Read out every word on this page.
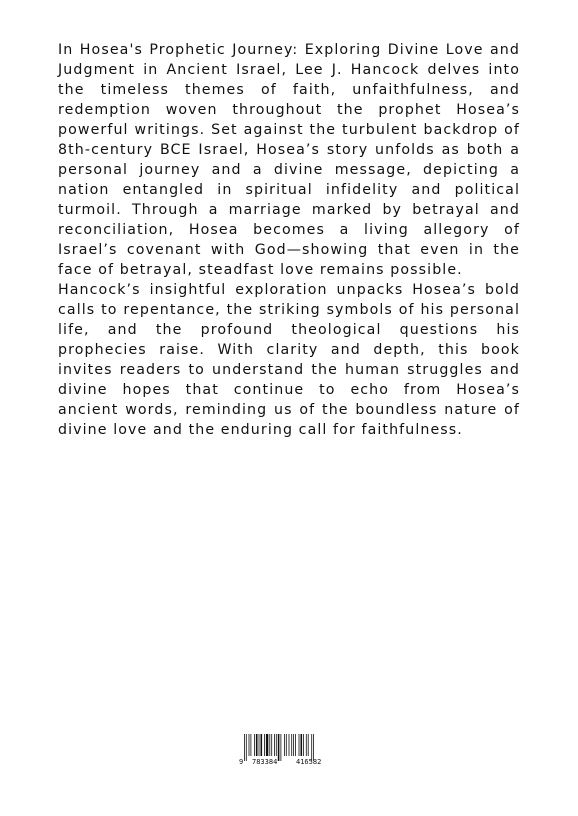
In Hosea's Prophetic Journey: Exploring Divine Love and Judgment in Ancient Israel, Lee J. Hancock delves into the timeless themes of faith, unfaithfulness, and redemption woven throughout the prophet Hosea’s powerful writings. Set against the turbulent backdrop of 8th-century BCE Israel, Hosea’s story unfolds as both a personal journey and a divine message, depicting a nation entangled in spiritual infidelity and political turmoil. Through a marriage marked by betrayal and reconciliation, Hosea becomes a living allegory of Israel’s covenant with God—showing that even in the face of betrayal, steadfast love remains possible.

Hancock’s insightful exploration unpacks Hosea’s bold calls to repentance, the striking symbols of his personal life, and the profound theological questions his prophecies raise. With clarity and depth, this book invites readers to understand the human struggles and divine hopes that continue to echo from Hosea’s ancient words, reminding us of the boundless nature of divine love and the enduring call for faithfulness.

9 783384	416582
